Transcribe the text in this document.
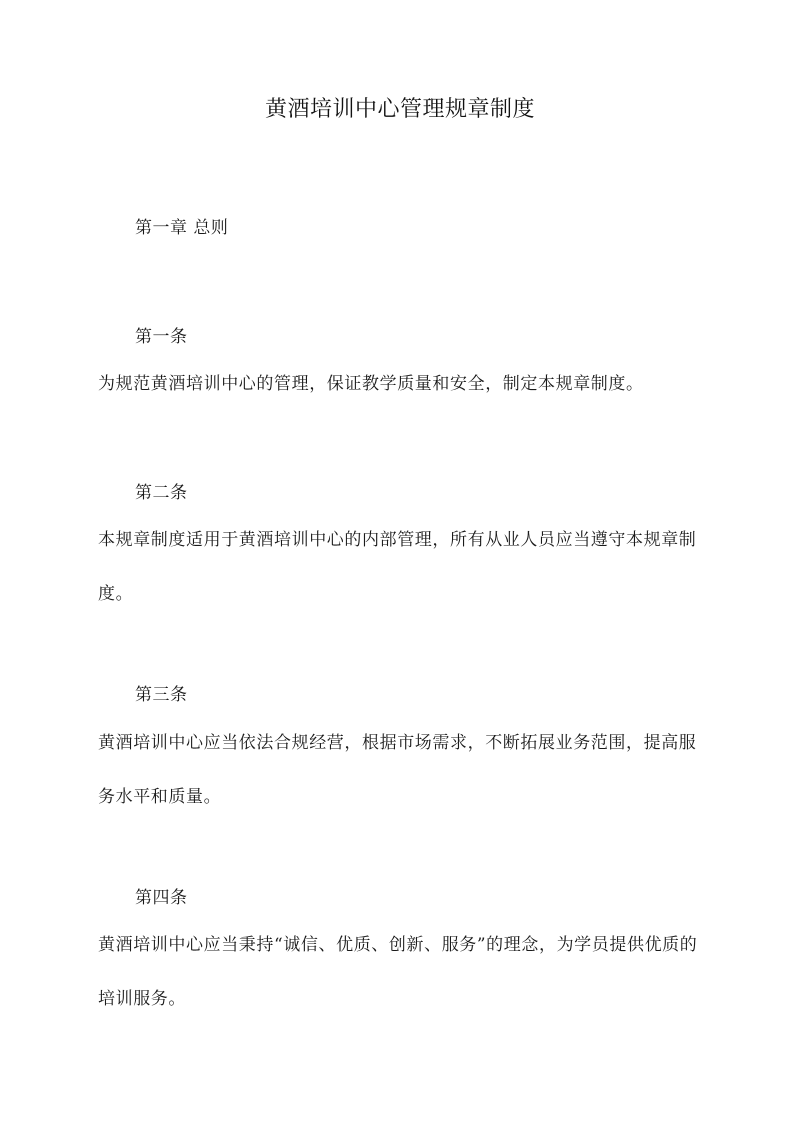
黄酒培训中心管理规章制度
第一章 总则
第一条
为规范黄酒培训中心的管理，保证教学质量和安全，制定本规章制度。
第二条
本规章制度适用于黄酒培训中心的内部管理，所有从业人员应当遵守本规章制度。
第三条
黄酒培训中心应当依法合规经营，根据市场需求，不断拓展业务范围，提高服务水平和质量。
第四条
黄酒培训中心应当秉持“诚信、优质、创新、服务”的理念，为学员提供优质的培训服务。
